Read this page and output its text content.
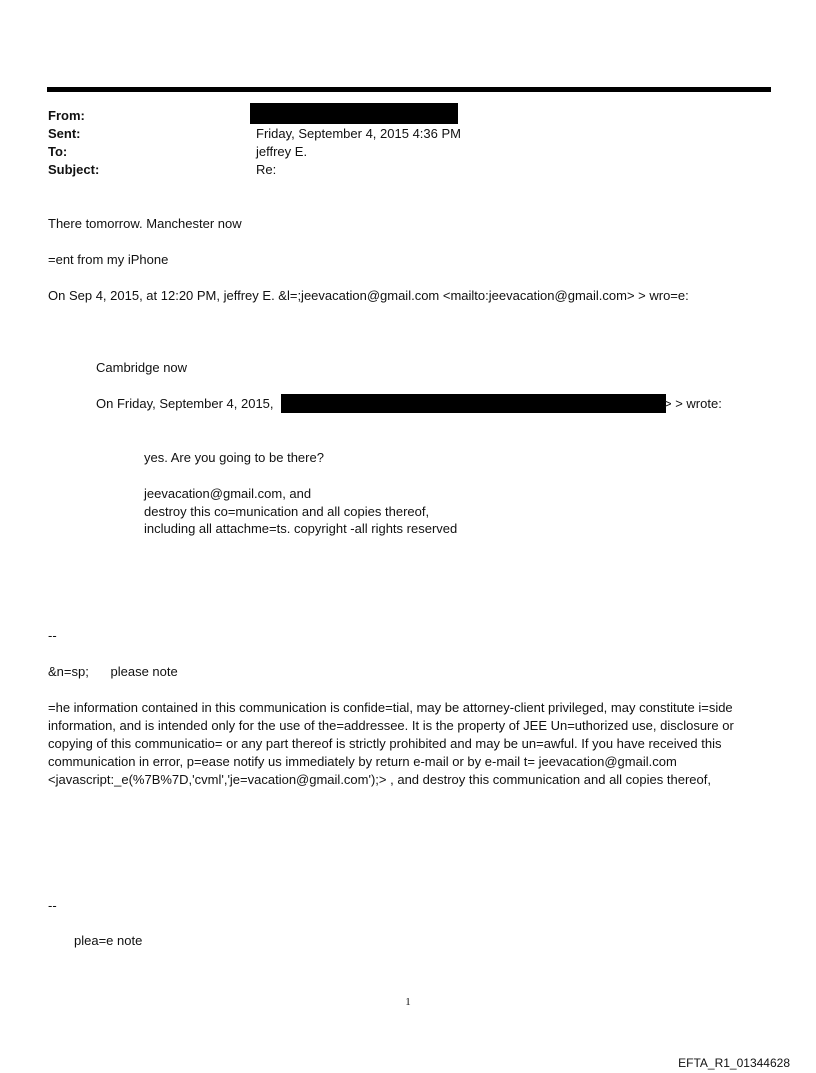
From:
Sent:
To:
Subject:
Friday, September 4, 2015 4:36 PM
jeffrey E.
Re:
There tomorrow. Manchester now
=ent from my iPhone
On Sep 4, 2015, at 12:20 PM, jeffrey E. &l=;jeevacation@gmail.com <mailto:jeevacation@gmail.com> > wro=e:
Cambridge now
On Friday, September 4, 2015,	> > wrote:
yes. Are you going to be there?
jeevacation@gmail.com, and
destroy this co=munication and all copies thereof,
including all attachme=ts. copyright -all rights reserved
--
&n=sp;      please note
=he information contained in this communication is confide=tial, may be attorney-client privileged, may constitute i=side information, and is intended only for the use of the=addressee. It is the property of JEE Un=uthorized use, disclosure or copying of this communicatio= or any part thereof is strictly prohibited and may be un=awful. If you have received this communication in error, p=ease notify us immediately by return e-mail or by e-mail t= jeevacation@gmail.com <javascript:_e(%7B%7D,'cvml','je=vacation@gmail.com');> , and destroy this communication and all copies thereof,
--
plea=e note
1
EFTA_R1_01344628
